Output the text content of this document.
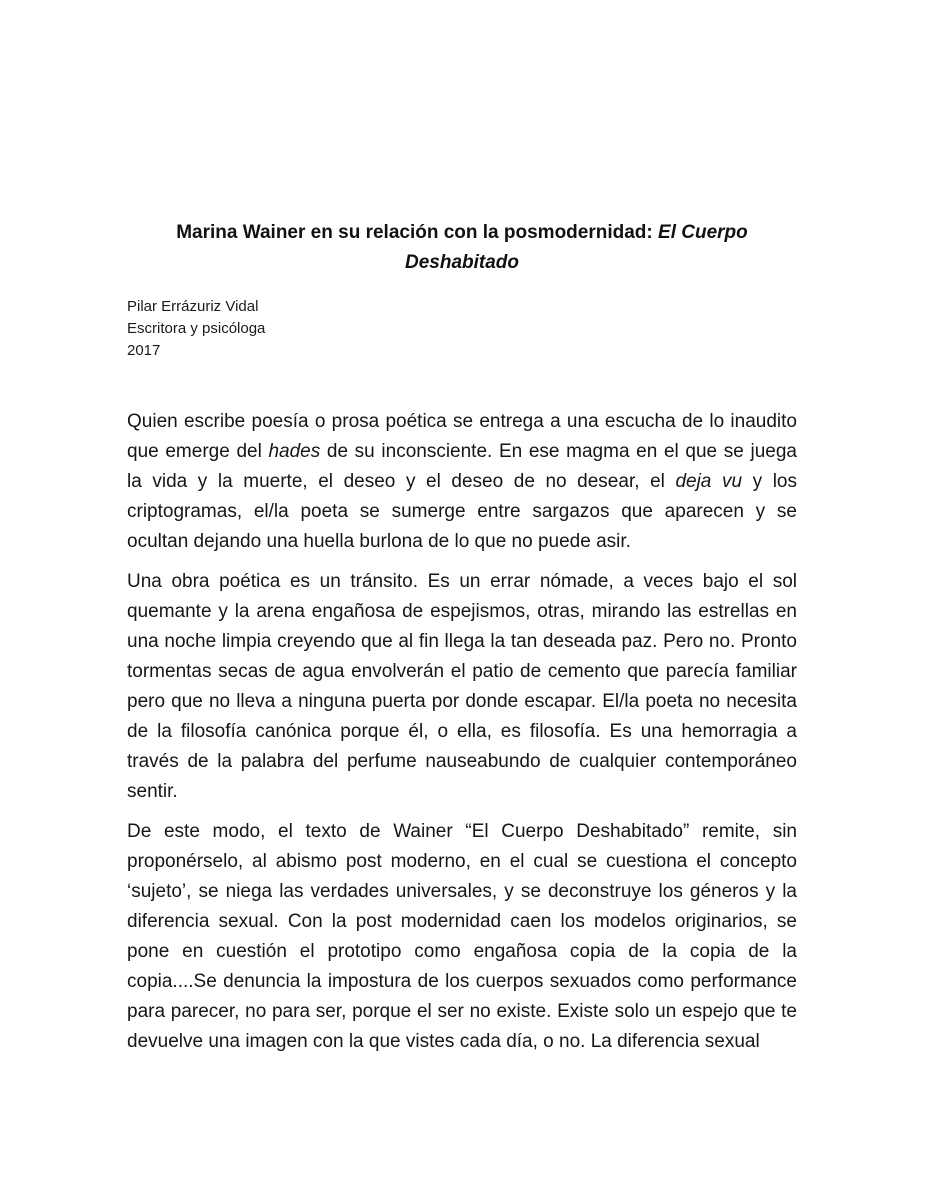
Marina Wainer en su relación con la posmodernidad: El Cuerpo Deshabitado
Pilar Errázuriz Vidal
Escritora y psicóloga
2017

Quien escribe poesía o prosa poética se entrega a una escucha de lo inaudito que emerge del hades de su inconsciente. En ese magma en el que se juega la vida y la muerte, el deseo y el deseo de no desear, el deja vu y los criptogramas, el/la poeta se sumerge entre sargazos que aparecen y se ocultan dejando una huella burlona de lo que no puede asir.

Una obra poética es un tránsito. Es un errar nómade, a veces bajo el sol quemante y la arena engañosa de espejismos, otras, mirando las estrellas en una noche limpia creyendo que al fin llega la tan deseada paz. Pero no. Pronto tormentas secas de agua envolverán el patio de cemento que parecía familiar pero que no lleva a ninguna puerta por donde escapar. El/la poeta no necesita de la filosofía canónica porque él, o ella, es filosofía. Es una hemorragia a través de la palabra del perfume nauseabundo de cualquier contemporáneo sentir.

De este modo, el texto de Wainer “El Cuerpo Deshabitado” remite, sin proponérselo, al abismo post moderno, en el cual se cuestiona el concepto ‘sujeto’, se niega las verdades universales, y se deconstruye los géneros y la diferencia sexual. Con la post modernidad caen los modelos originarios, se pone en cuestión el prototipo como engañosa copia de la copia de la copia....Se denuncia la impostura de los cuerpos sexuados como performance para parecer, no para ser, porque el ser no existe. Existe solo un espejo que te devuelve una imagen con la que vistes cada día, o no. La diferencia sexual
